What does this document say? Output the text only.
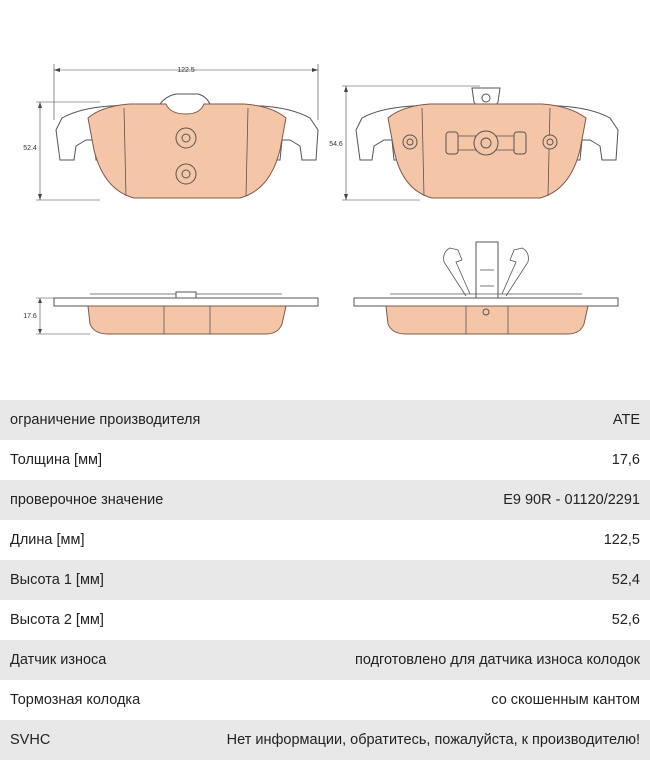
122.5
52.4
54.6
17.6
ограничение производителя	ATE
Толщина [мм]	17,6
проверочное значение	E9 90R - 01120/2291
Длина [мм]	122,5
Высота 1 [мм]	52,4
Высота 2 [мм]	52,6
Датчик износа	подготовлено для датчика износа колодок
Тормозная колодка	со скошенным кантом
SVHC	Нет информации, обратитесь, пожалуйста, к производителю!
